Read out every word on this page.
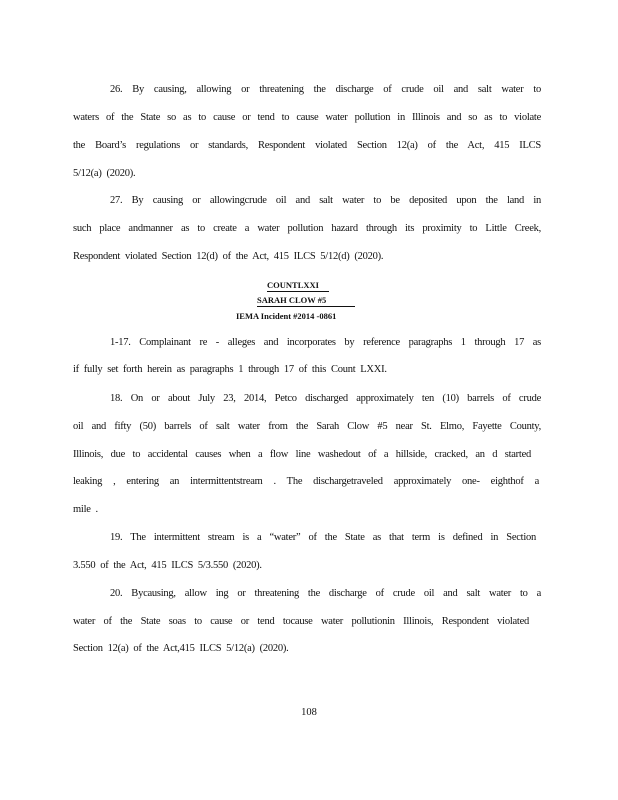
26. By causing, allowing or threatening the discharge of crude oil and salt water to
waters of the State so as to cause or tend to cause water pollution in Illinois and so as to violate
the Board’s regulations or standards, Respondent violated Section 12(a) of the Act, 415 ILCS
5/12(a) (2020).
27. By causing or allowingcrude oil and salt water to be deposited upon the land in
such place andmanner as to create a water pollution hazard through its proximity to Little Creek,
Respondent violated Section 12(d) of the Act, 415 ILCS 5/12(d) (2020).
COUNTLXXI
SARAH CLOW #5
IEMA Incident #2014 -0861
1-17. Complainant re - alleges and incorporates by reference paragraphs 1 through 17 as
if fully set forth herein as paragraphs 1 through 17 of this Count LXXI.
18. On or about July 23, 2014, Petco discharged approximately ten (10) barrels of crude
oil and fifty (50) barrels of salt water from the Sarah Clow #5 near St. Elmo, Fayette County,
Illinois, due to accidental causes when a flow line washedout of a hillside, cracked, an d started
leaking , entering an intermittentstream . The dischargetraveled approximately one- eighthof a
mile .
19. The intermittent stream is a “water” of the State as that term is defined in Section
3.550 of the Act, 415 ILCS 5/3.550 (2020).
20. Bycausing, allow ing or threatening the discharge of crude oil and salt water to a
water of the State soas to cause or tend tocause water pollutionin Illinois, Respondent violated
Section 12(a) of the Act,415 ILCS 5/12(a) (2020).
108
